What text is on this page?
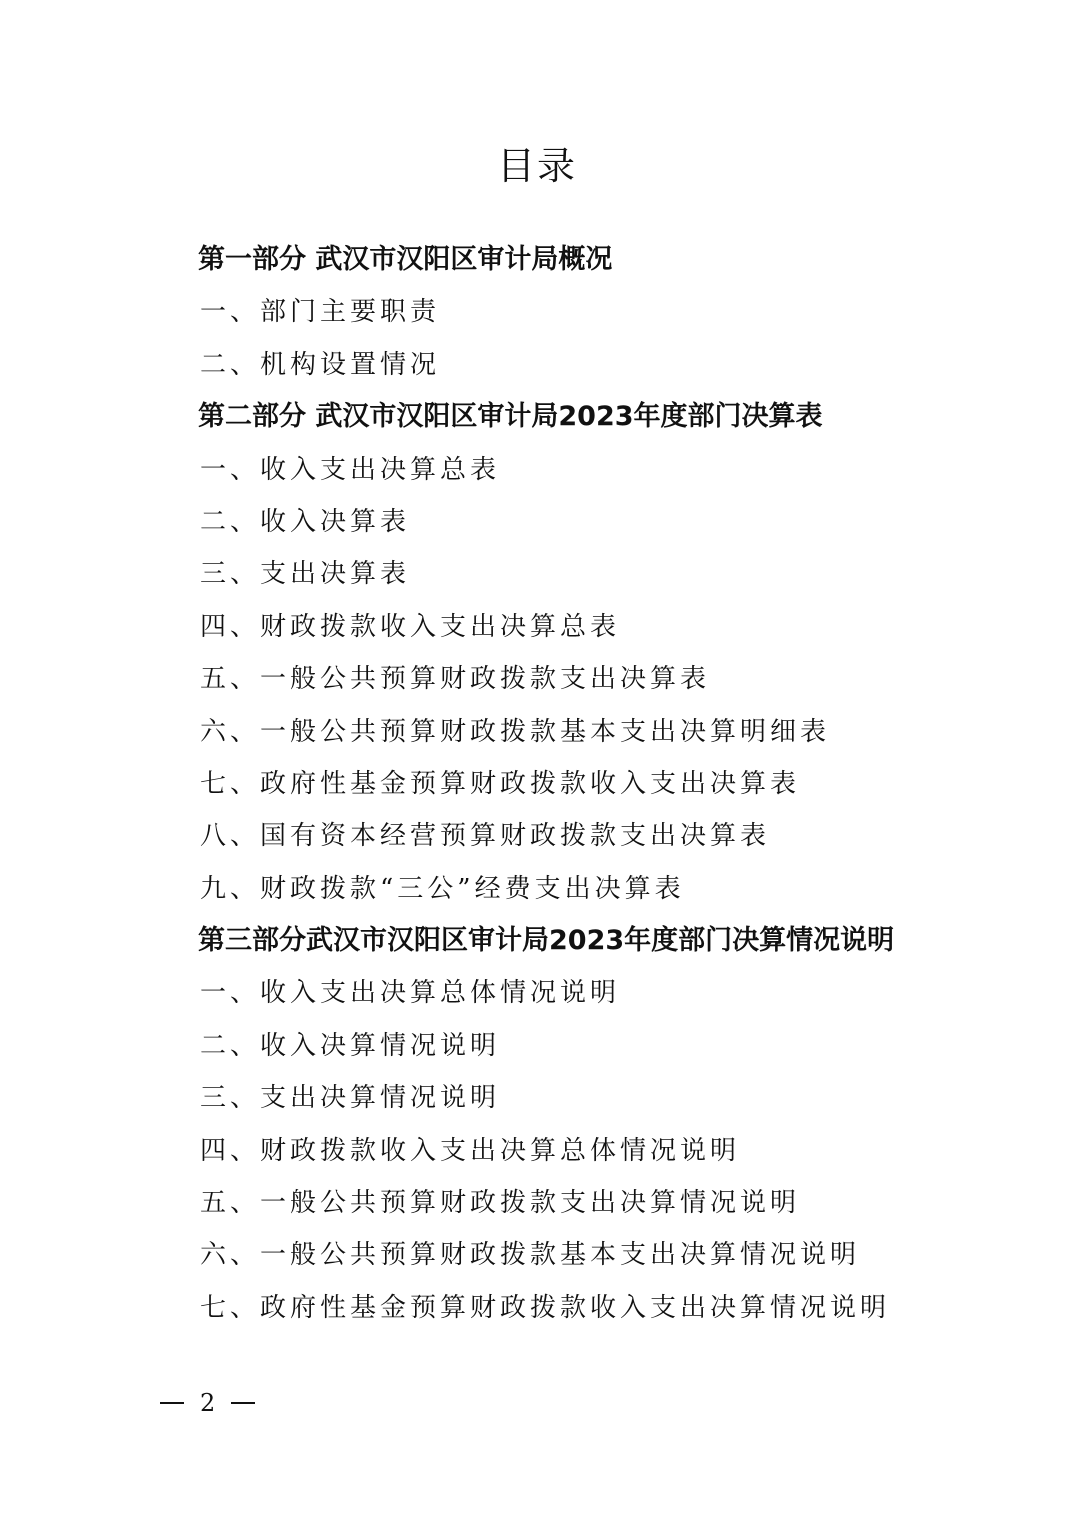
目录
第一部分 武汉市汉阳区审计局概况
一、部门主要职责
二、机构设置情况
第二部分 武汉市汉阳区审计局2023年度部门决算表
一、收入支出决算总表
二、收入决算表
三、支出决算表
四、财政拨款收入支出决算总表
五、一般公共预算财政拨款支出决算表
六、一般公共预算财政拨款基本支出决算明细表
七、政府性基金预算财政拨款收入支出决算表
八、国有资本经营预算财政拨款支出决算表
九、财政拨款“三公”经费支出决算表
第三部分武汉市汉阳区审计局2023年度部门决算情况说明
一、收入支出决算总体情况说明
二、收入决算情况说明
三、支出决算情况说明
四、财政拨款收入支出决算总体情况说明
五、一般公共预算财政拨款支出决算情况说明
六、一般公共预算财政拨款基本支出决算情况说明
七、政府性基金预算财政拨款收入支出决算情况说明
2
